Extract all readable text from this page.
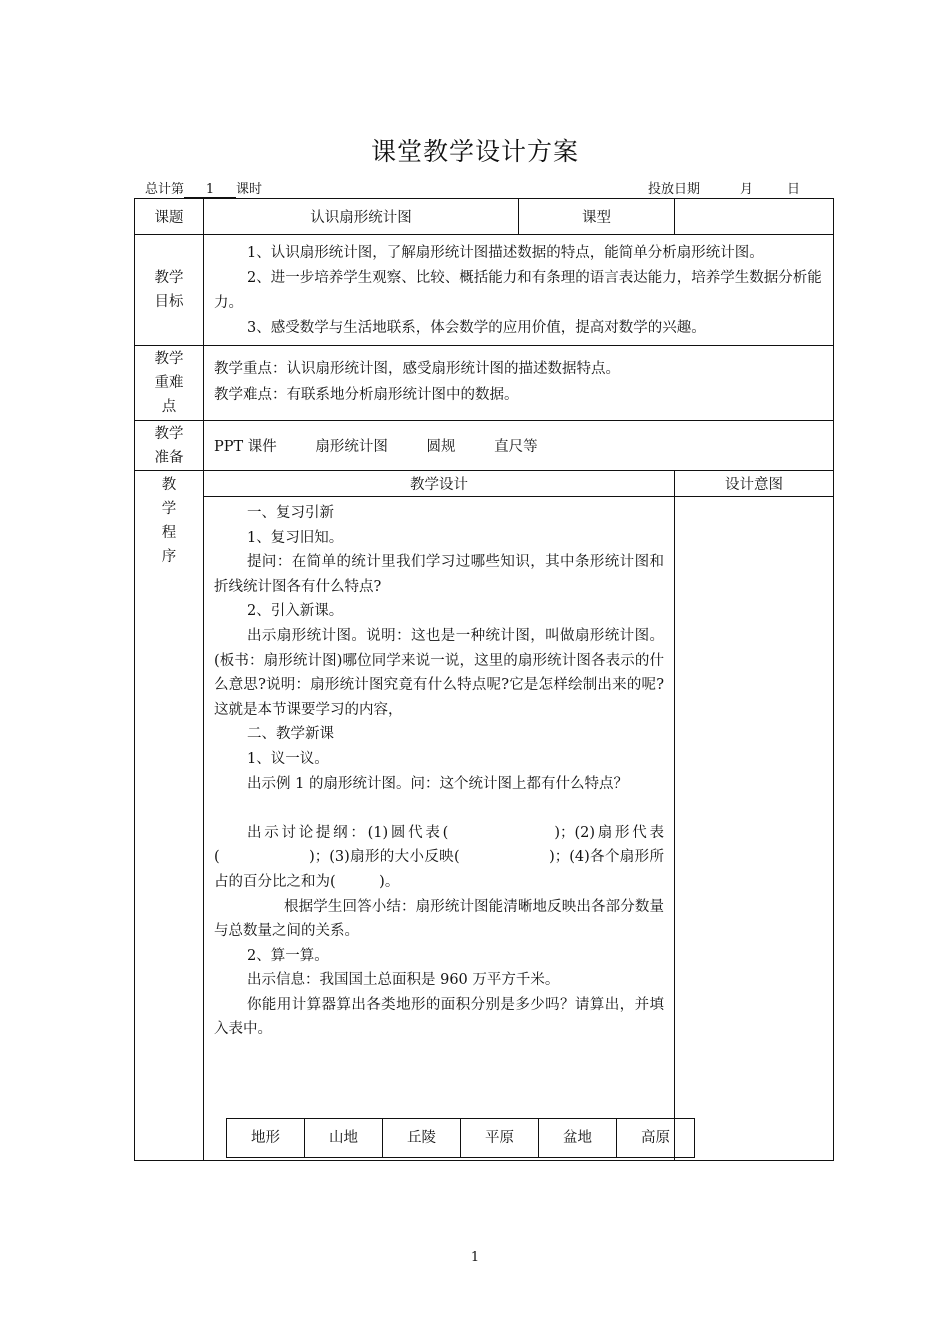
课堂教学设计方案
总计第 1 课时	投放日期	月	日
课题	认识扇形统计图	课型	

教学
目标

1、认识扇形统计图，了解扇形统计图描述数据的特点，能简单分析扇形统计图。

2、进一步培养学生观察、比较、概括能力和有条理的语言表达能力，培养学生数据分析能力。

3、感受数学与生活地联系，体会数学的应用价值，提高对数学的兴趣。

教学
重难
点

教学重点：认识扇形统计图，感受扇形统计图的描述数据特点。
教学难点：有联系地分析扇形统计图中的数据。

教学
准备
	PPT 课件	扇形统计图	圆规	直尺等

教
学
程
序
	教学设计	设计意图

一、复习引新

1、复习旧知。

提问：在简单的统计里我们学习过哪些知识，其中条形统计图和折线统计图各有什么特点?

2、引入新课。

出示扇形统计图。说明：这也是一种统计图，叫做扇形统计图。(板书：扇形统计图)哪位同学来说一说，这里的扇形统计图各表示的什么意思?说明：扇形统计图究竟有什么特点呢?它是怎样绘制出来的呢?这就是本节课要学习的内容，

二、教学新课

1、议一议。

出示例 1 的扇形统计图。问：这个统计图上都有什么特点？

出示讨论提纲：(1)圆代表(　　　　　　)；(2)扇形代表(　　　　　　)；(3)扇形的大小反映(　　　　　　)；(4)各个扇形所占的百分比之和为(　　　)。

根据学生回答小结：扇形统计图能清晰地反映出各部分数量与总数量之间的关系。

2、算一算。

出示信息：我国国土总面积是 960 万平方千米。

你能用计算器算出各类地形的面积分别是多少吗？请算出，并填入表中。

地形	山地	丘陵	平原	盆地	高原

1
